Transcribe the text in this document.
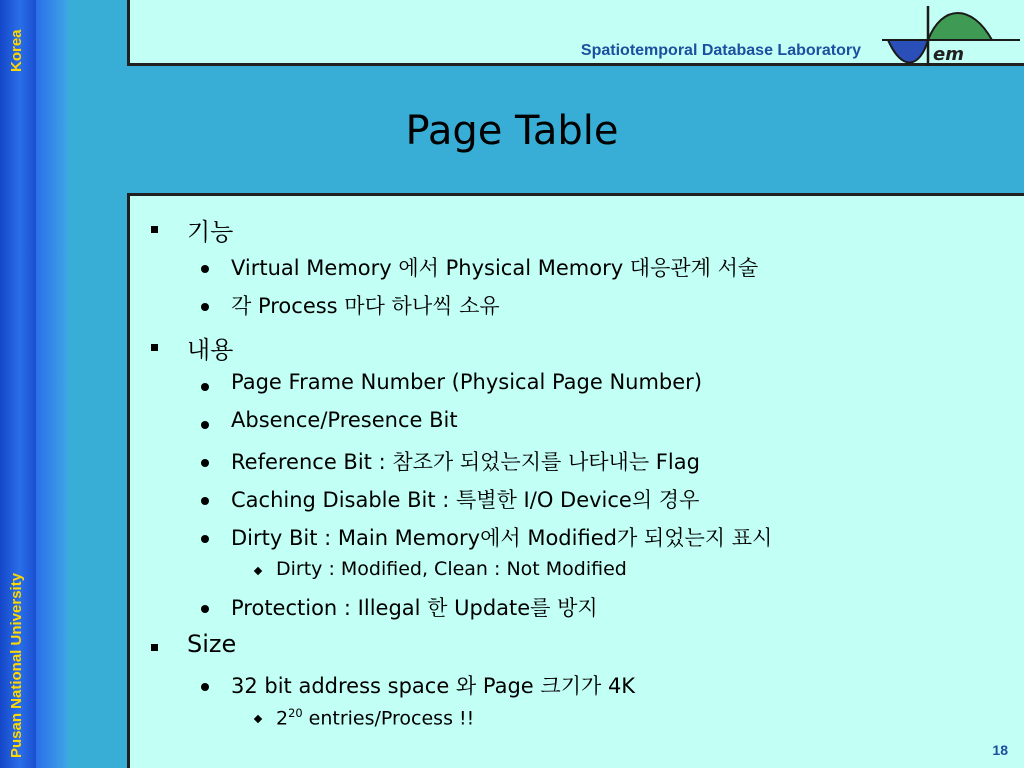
Korea
Pusan National University
Spatiotemporal Database Laboratory	em
Page Table
기능
Virtual Memory 에서 Physical Memory 대응관계 서술
각 Process 마다 하나씩 소유
내용
Page Frame Number (Physical Page Number)
Absence/Presence Bit
Reference Bit : 참조가 되었는지를 나타내는 Flag
Caching Disable Bit : 특별한 I/O Device의 경우
Dirty Bit : Main Memory에서 Modified가 되었는지 표시
Dirty : Modified, Clean : Not Modified
Protection : Illegal 한 Update를 방지
Size
32 bit address space 와 Page 크기가 4K
$2^{20}$ entries/Process !!
18
